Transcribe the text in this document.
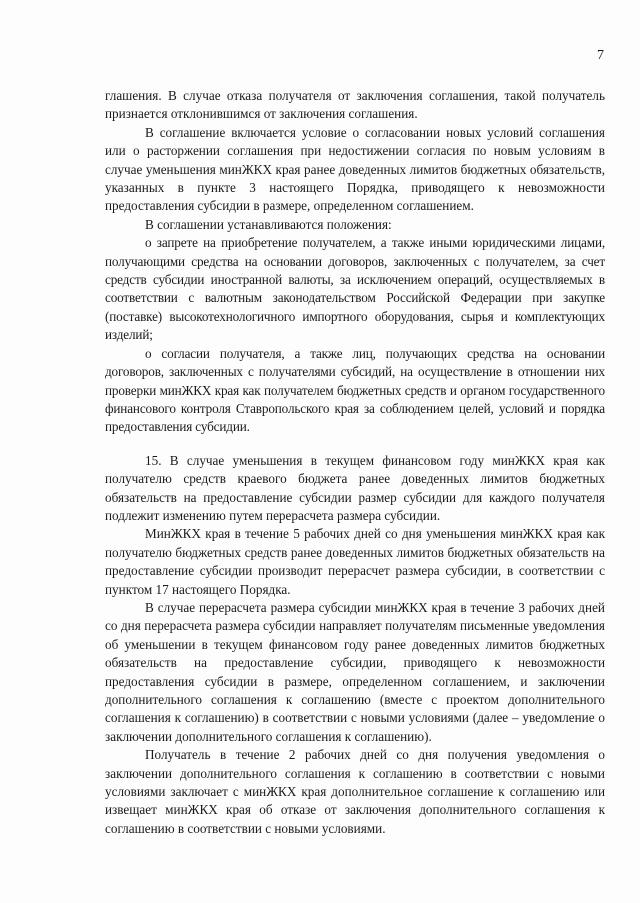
7

глашения. В случае отказа получателя от заключения соглашения, такой получатель признается отклонившимся от заключения соглашения.

В соглашение включается условие о согласовании новых условий соглашения или о расторжении соглашения при недостижении согласия по новым условиям в случае уменьшения минЖКХ края ранее доведенных лимитов бюджетных обязательств, указанных в пункте 3 настоящего Порядка, приводящего к невозможности предоставления субсидии в размере, определенном соглашением.

В соглашении устанавливаются положения:

о запрете на приобретение получателем, а также иными юридическими лицами, получающими средства на основании договоров, заключенных с получателем, за счет средств субсидии иностранной валюты, за исключением операций, осуществляемых в соответствии с валютным законодательством Российской Федерации при закупке (поставке) высокотехнологичного импортного оборудования, сырья и комплектующих изделий;

о согласии получателя, а также лиц, получающих средства на основании договоров, заключенных с получателями субсидий, на осуществление в отношении них проверки минЖКХ края как получателем бюджетных средств и органом государственного финансового контроля Ставропольского края за соблюдением целей, условий и порядка предоставления субсидии.

15. В случае уменьшения в текущем финансовом году минЖКХ края как получателю средств краевого бюджета ранее доведенных лимитов бюджетных обязательств на предоставление субсидии размер субсидии для каждого получателя подлежит изменению путем перерасчета размера субсидии.

МинЖКХ края в течение 5 рабочих дней со дня уменьшения минЖКХ края как получателю бюджетных средств ранее доведенных лимитов бюджетных обязательств на предоставление субсидии производит перерасчет размера субсидии, в соответствии с пунктом 17 настоящего Порядка.

В случае перерасчета размера субсидии минЖКХ края в течение 3 рабочих дней со дня перерасчета размера субсидии направляет получателям письменные уведомления об уменьшении в текущем финансовом году ранее доведенных лимитов бюджетных обязательств на предоставление субсидии, приводящего к невозможности предоставления субсидии в размере, определенном соглашением, и заключении дополнительного соглашения к соглашению (вместе с проектом дополнительного соглашения к соглашению) в соответствии с новыми условиями (далее – уведомление о заключении дополнительного соглашения к соглашению).

Получатель в течение 2 рабочих дней со дня получения уведомления о заключении дополнительного соглашения к соглашению в соответствии с новыми условиями заключает с минЖКХ края дополнительное соглашение к соглашению или извещает минЖКХ края об отказе от заключения дополнительного соглашения к соглашению в соответствии с новыми условиями.
